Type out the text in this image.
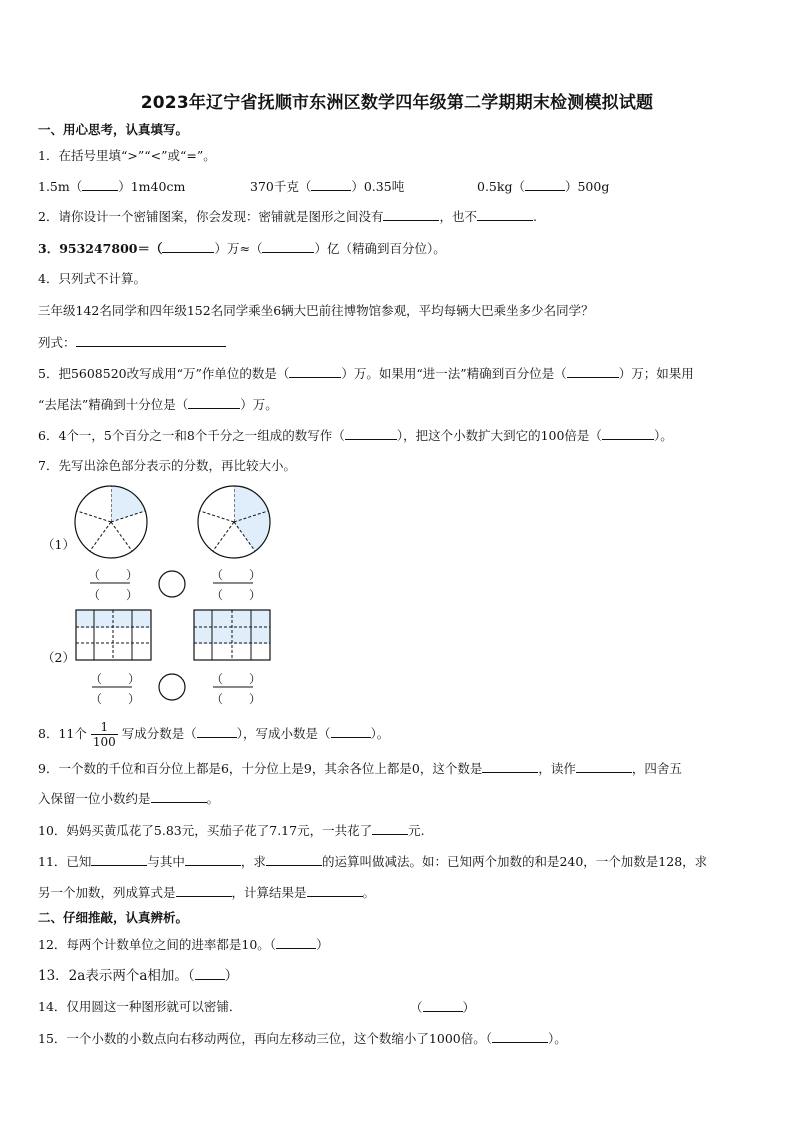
2023年辽宁省抚顺市东洲区数学四年级第二学期期末检测模拟试题
一、用心思考，认真填写。
1．在括号里填“>”“<”或“=”。
1.5m（	）1m40cm	370千克（	）0.35吨	0.5kg（	）500g
2．请你设计一个密铺图案，你会发现：密铺就是图形之间没有	，也不	.
3．953247800＝（	）万≈（	）亿（精确到百分位）。
4．只列式不计算。
三年级142名同学和四年级152名同学乘坐6辆大巴前往博物馆参观，平均每辆大巴乘坐多少名同学？
列式：
5．把5608520改写成用“万”作单位的数是（	）万。如果用“进一法”精确到百分位是（	）万；如果用
“去尾法”精确到十分位是（	）万。
6．4个一，5个百分之一和8个千分之一组成的数写作（	），把这个小数扩大到它的100倍是（	）。
7．先写出涂色部分表示的分数，再比较大小。
（1）
（2）
（ ）
（ ）
（ ）
（ ）
（ ）
（ ）
（ ）
（ ）
8．11个 $\frac{1}{100}$ 写成分数是（	），写成小数是（	）。
9．一个数的千位和百分位上都是6，十分位上是9，其余各位上都是0，这个数是	，读作	，四舍五
入保留一位小数约是	。
10．妈妈买黄瓜花了5.83元，买茄子花了7.17元，一共花了	元.
11．已知	与其中	，求	的运算叫做减法。如：已知两个加数的和是240，一个加数是128，求
另一个加数，列成算式是	，计算结果是	。
二、仔细推敲，认真辨析。
12．每两个计数单位之间的进率都是10。（	）
13．2a表示两个a相加。（ ）
14．仅用圆这一种图形就可以密铺．	（	）
15．一个小数的小数点向右移动两位，再向左移动三位，这个数缩小了1000倍。（	）。
